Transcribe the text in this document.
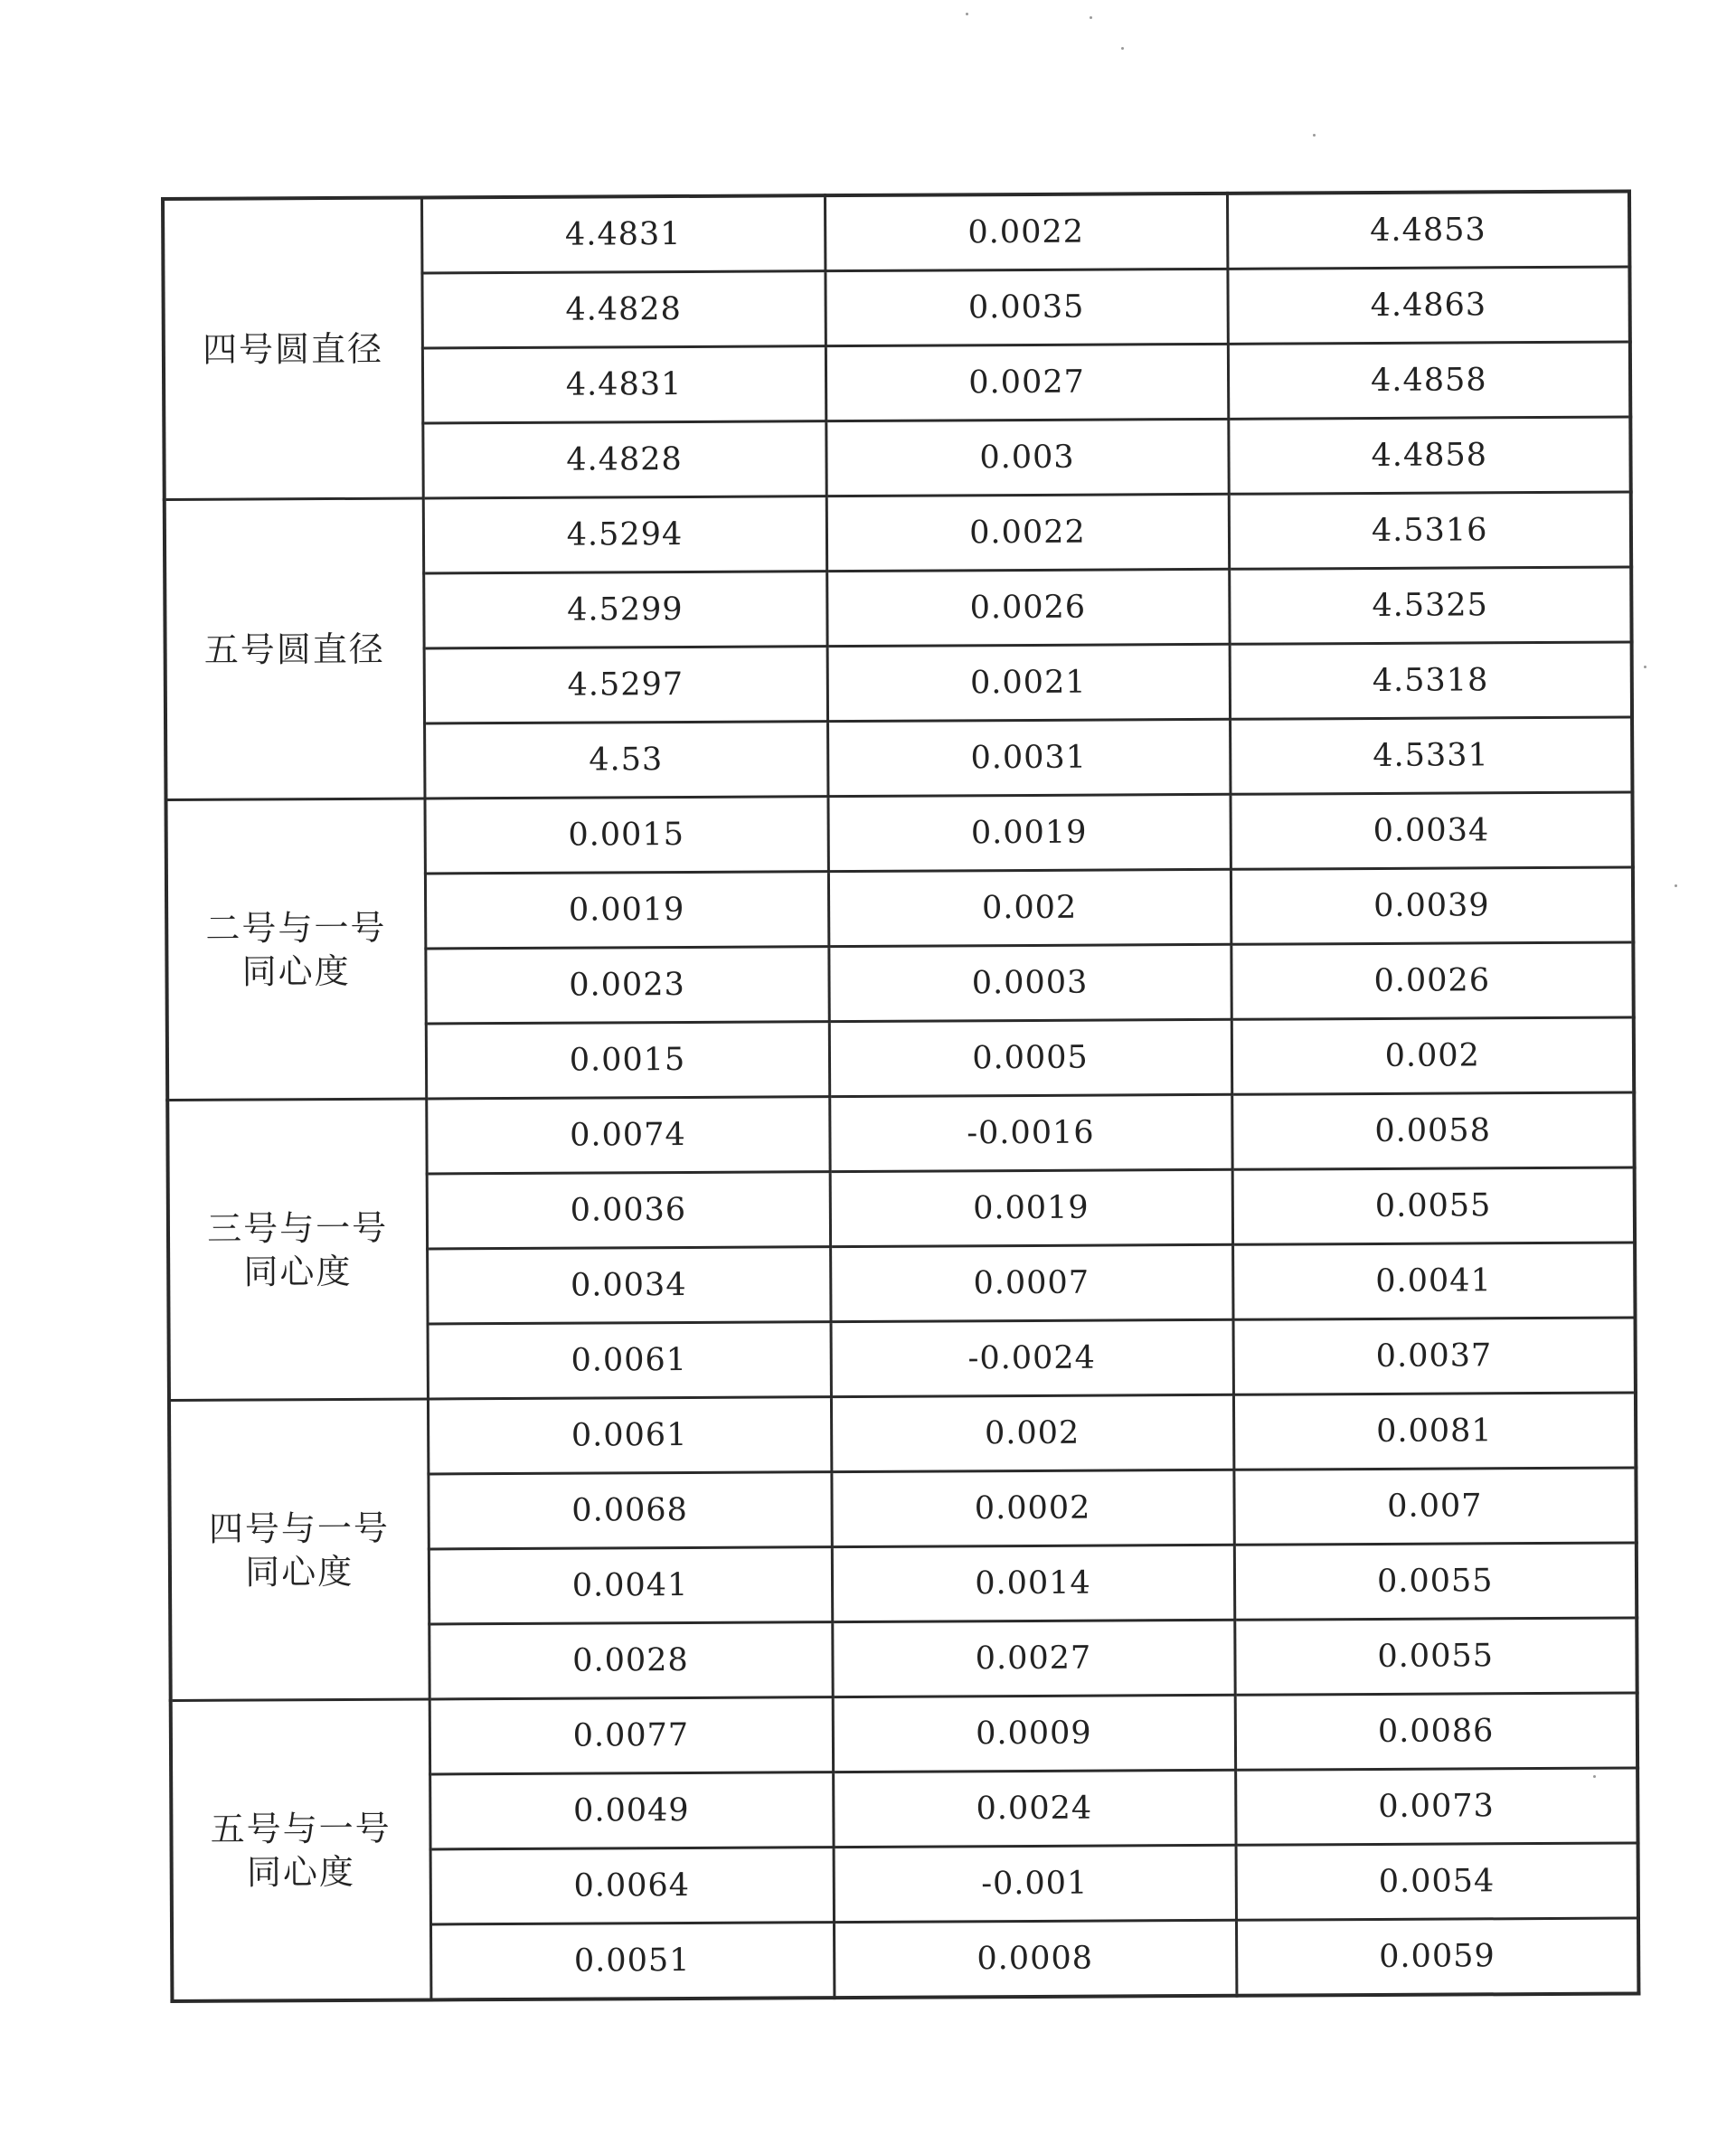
四号圆直径	4.4831	0.0022	4.4853
	4.4828	0.0035	4.4863
	4.4831	0.0027	4.4858
	4.4828	0.003	4.4858
五号圆直径	4.5294	0.0022	4.5316
	4.5299	0.0026	4.5325
	4.5297	0.0021	4.5318
	4.53	0.0031	4.5331
二号与一号
同心度	0.0015	0.0019	0.0034
	0.0019	0.002	0.0039
	0.0023	0.0003	0.0026
	0.0015	0.0005	0.002
三号与一号
同心度	0.0074	-0.0016	0.0058
	0.0036	0.0019	0.0055
	0.0034	0.0007	0.0041
	0.0061	-0.0024	0.0037
四号与一号
同心度	0.0061	0.002	0.0081
	0.0068	0.0002	0.007
	0.0041	0.0014	0.0055
	0.0028	0.0027	0.0055
五号与一号
同心度	0.0077	0.0009	0.0086
	0.0049	0.0024	0.0073
	0.0064	-0.001	0.0054
	0.0051	0.0008	0.0059
